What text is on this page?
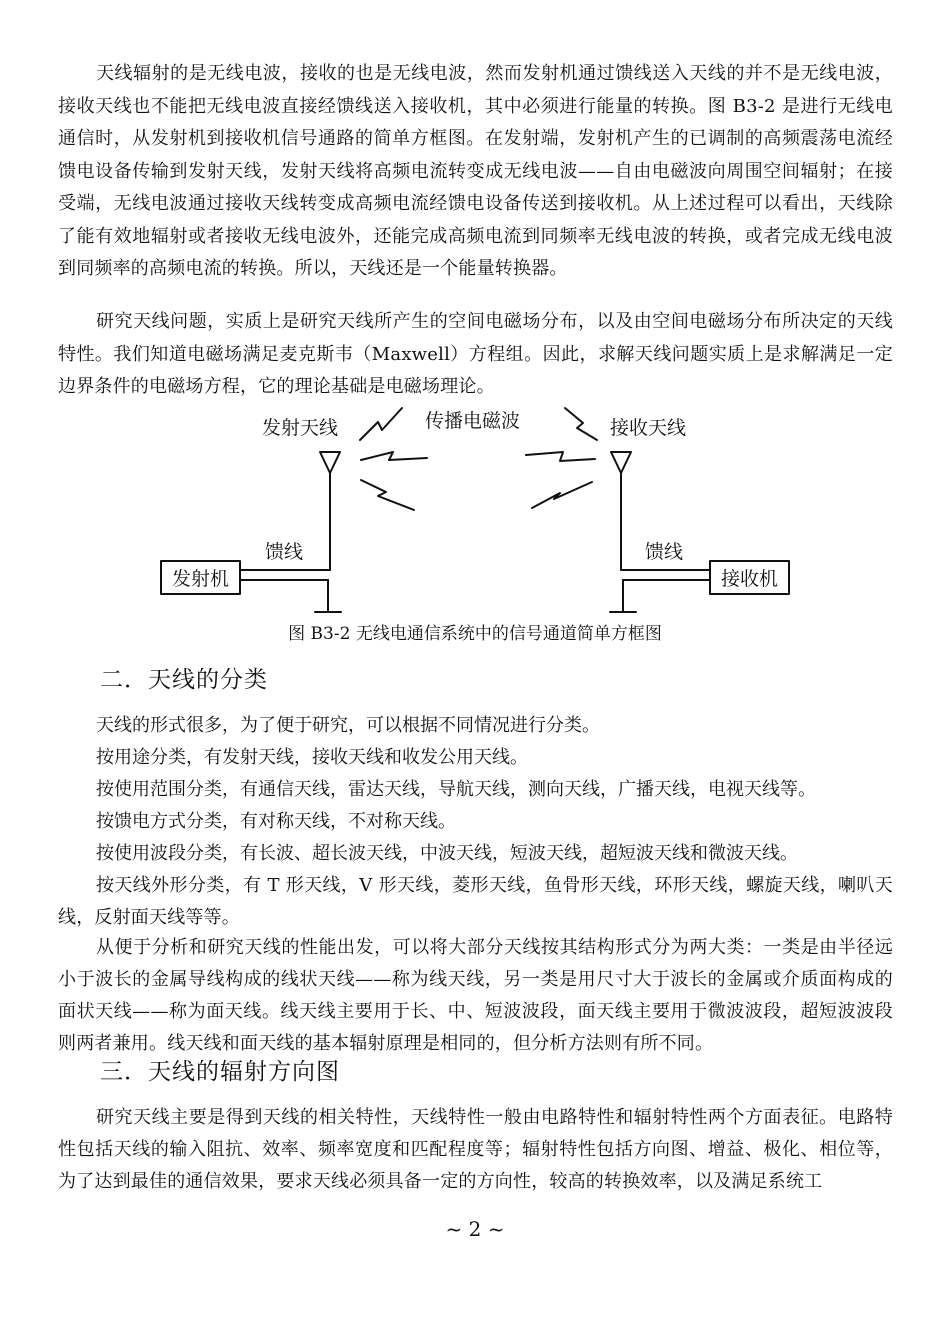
天线辐射的是无线电波，接收的也是无线电波，然而发射机通过馈线送入天线的并不是无线电波，接收天线也不能把无线电波直接经馈线送入接收机，其中必须进行能量的转换。图 B3-2 是进行无线电通信时，从发射机到接收机信号通路的简单方框图。在发射端，发射机产生的已调制的高频震荡电流经馈电设备传输到发射天线，发射天线将高频电流转变成无线电波——自由电磁波向周围空间辐射；在接受端，无线电波通过接收天线转变成高频电流经馈电设备传送到接收机。从上述过程可以看出，天线除了能有效地辐射或者接收无线电波外，还能完成高频电流到同频率无线电波的转换，或者完成无线电波到同频率的高频电流的转换。所以，天线还是一个能量转换器。

研究天线问题，实质上是研究天线所产生的空间电磁场分布，以及由空间电磁场分布所决定的天线特性。我们知道电磁场满足麦克斯韦（Maxwell）方程组。因此，求解天线问题实质上是求解满足一定边界条件的电磁场方程，它的理论基础是电磁场理论。

发射天线	传播电磁波	接收天线
馈线	馈线
发射机	接收机

图 B3-2 无线电通信系统中的信号通道简单方框图

二．天线的分类

天线的形式很多，为了便于研究，可以根据不同情况进行分类。

按用途分类，有发射天线，接收天线和收发公用天线。

按使用范围分类，有通信天线，雷达天线，导航天线，测向天线，广播天线，电视天线等。

按馈电方式分类，有对称天线，不对称天线。

按使用波段分类，有长波、超长波天线，中波天线，短波天线，超短波天线和微波天线。

按天线外形分类，有 T 形天线，V 形天线，菱形天线，鱼骨形天线，环形天线，螺旋天线，喇叭天线，反射面天线等等。

从便于分析和研究天线的性能出发，可以将大部分天线按其结构形式分为两大类：一类是由半径远小于波长的金属导线构成的线状天线——称为线天线，另一类是用尺寸大于波长的金属或介质面构成的面状天线——称为面天线。线天线主要用于长、中、短波波段，面天线主要用于微波波段，超短波波段则两者兼用。线天线和面天线的基本辐射原理是相同的，但分析方法则有所不同。

三．天线的辐射方向图

研究天线主要是得到天线的相关特性，天线特性一般由电路特性和辐射特性两个方面表征。电路特性包括天线的输入阻抗、效率、频率宽度和匹配程度等；辐射特性包括方向图、增益、极化、相位等，为了达到最佳的通信效果，要求天线必须具备一定的方向性，较高的转换效率，以及满足系统工

~ 2 ~
